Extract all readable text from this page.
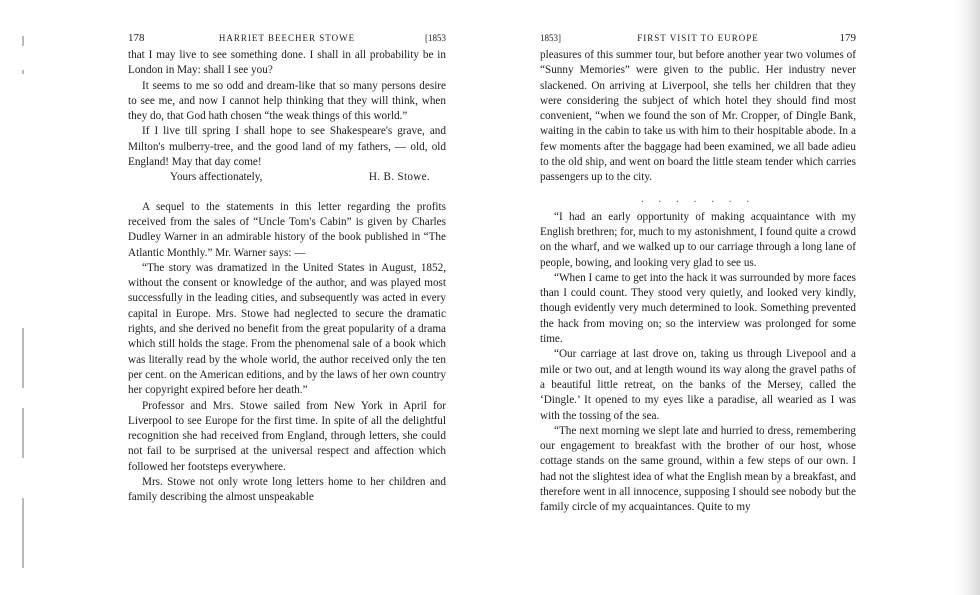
178	HARRIET BEECHER STOWE	[1853

that I may live to see something done. I shall in all probability be in London in May: shall I see you?

It seems to me so odd and dream-like that so many persons desire to see me, and now I cannot help thinking that they will think, when they do, that God hath chosen “the weak things of this world.”

If I live till spring I shall hope to see Shakespeare's grave, and Milton's mulberry-tree, and the good land of my fathers, — old, old England! May that day come!

Yours affectionately,	H. B. Stowe.

A sequel to the statements in this letter regarding the profits received from the sales of “Uncle Tom's Cabin” is given by Charles Dudley Warner in an admirable history of the book published in “The Atlantic Monthly.” Mr. Warner says: —

“The story was dramatized in the United States in August, 1852, without the consent or knowledge of the author, and was played most successfully in the leading cities, and subsequently was acted in every capital in Europe. Mrs. Stowe had neglected to secure the dramatic rights, and she derived no benefit from the great popularity of a drama which still holds the stage. From the phenomenal sale of a book which was literally read by the whole world, the author received only the ten per cent. on the American editions, and by the laws of her own country her copyright expired before her death.”

Professor and Mrs. Stowe sailed from New York in April for Liverpool to see Europe for the first time. In spite of all the delightful recognition she had received from England, through letters, she could not fail to be surprised at the universal respect and affection which followed her footsteps everywhere.

Mrs. Stowe not only wrote long letters home to her children and family describing the almost unspeakable

1853]	FIRST VISIT TO EUROPE	179

pleasures of this summer tour, but before another year two volumes of “Sunny Memories” were given to the public. Her industry never slackened. On arriving at Liverpool, she tells her children that they were considering the subject of which hotel they should find most convenient, “when we found the son of Mr. Cropper, of Dingle Bank, waiting in the cabin to take us with him to their hospitable abode. In a few moments after the baggage had been examined, we all bade adieu to the old ship, and went on board the little steam tender which carries passengers up to the city.

. . . . . . .

“I had an early opportunity of making acquaintance with my English brethren; for, much to my astonishment, I found quite a crowd on the wharf, and we walked up to our carriage through a long lane of people, bowing, and looking very glad to see us.

“When I came to get into the hack it was surrounded by more faces than I could count. They stood very quietly, and looked very kindly, though evidently very much determined to look. Something prevented the hack from moving on; so the interview was prolonged for some time.

“Our carriage at last drove on, taking us through Livepool and a mile or two out, and at length wound its way along the gravel paths of a beautiful little retreat, on the banks of the Mersey, called the ‘Dingle.’ It opened to my eyes like a paradise, all wearied as I was with the tossing of the sea.

“The next morning we slept late and hurried to dress, remembering our engagement to breakfast with the brother of our host, whose cottage stands on the same ground, within a few steps of our own. I had not the slightest idea of what the English mean by a breakfast, and therefore went in all innocence, supposing I should see nobody but the family circle of my acquaintances. Quite to my
